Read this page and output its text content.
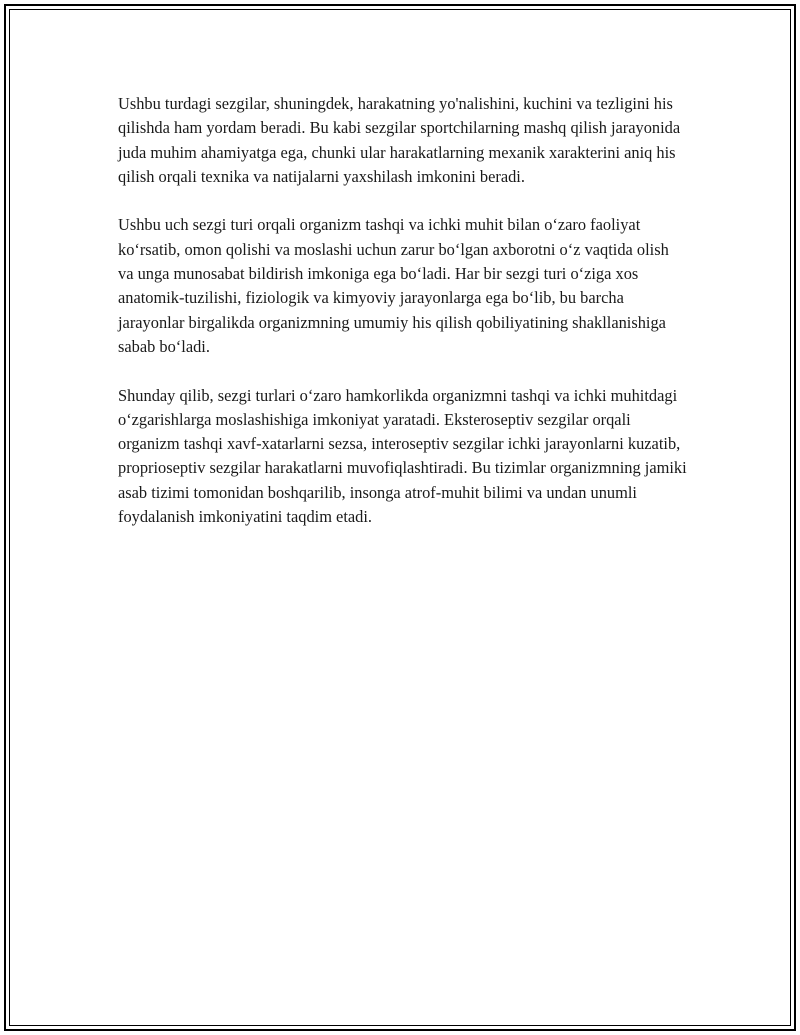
Ushbu turdagi sezgilar, shuningdek, harakatning yo'nalishini, kuchini va tezligini his qilishda ham yordam beradi. Bu kabi sezgilar sportchilarning mashq qilish jarayonida juda muhim ahamiyatga ega, chunki ular harakatlarning mexanik xarakterini aniq his qilish orqali texnika va natijalarni yaxshilash imkonini beradi.

Ushbu uch sezgi turi orqali organizm tashqi va ichki muhit bilan o‘zaro faoliyat ko‘rsatib, omon qolishi va moslashi uchun zarur bo‘lgan axborotni o‘z vaqtida olish va unga munosabat bildirish imkoniga ega bo‘ladi. Har bir sezgi turi o‘ziga xos anatomik-tuzilishi, fiziologik va kimyoviy jarayonlarga ega bo‘lib, bu barcha jarayonlar birgalikda organizmning umumiy his qilish qobiliyatining shakllanishiga sabab bo‘ladi.

Shunday qilib, sezgi turlari o‘zaro hamkorlikda organizmni tashqi va ichki muhitdagi o‘zgarishlarga moslashishiga imkoniyat yaratadi. Eksteroseptiv sezgilar orqali organizm tashqi xavf-xatarlarni sezsa, interoseptiv sezgilar ichki jarayonlarni kuzatib, proprioseptiv sezgilar harakatlarni muvofiqlashtiradi. Bu tizimlar organizmning jamiki asab tizimi tomonidan boshqarilib, insonga atrof-muhit bilimi va undan unumli foydalanish imkoniyatini taqdim etadi.
